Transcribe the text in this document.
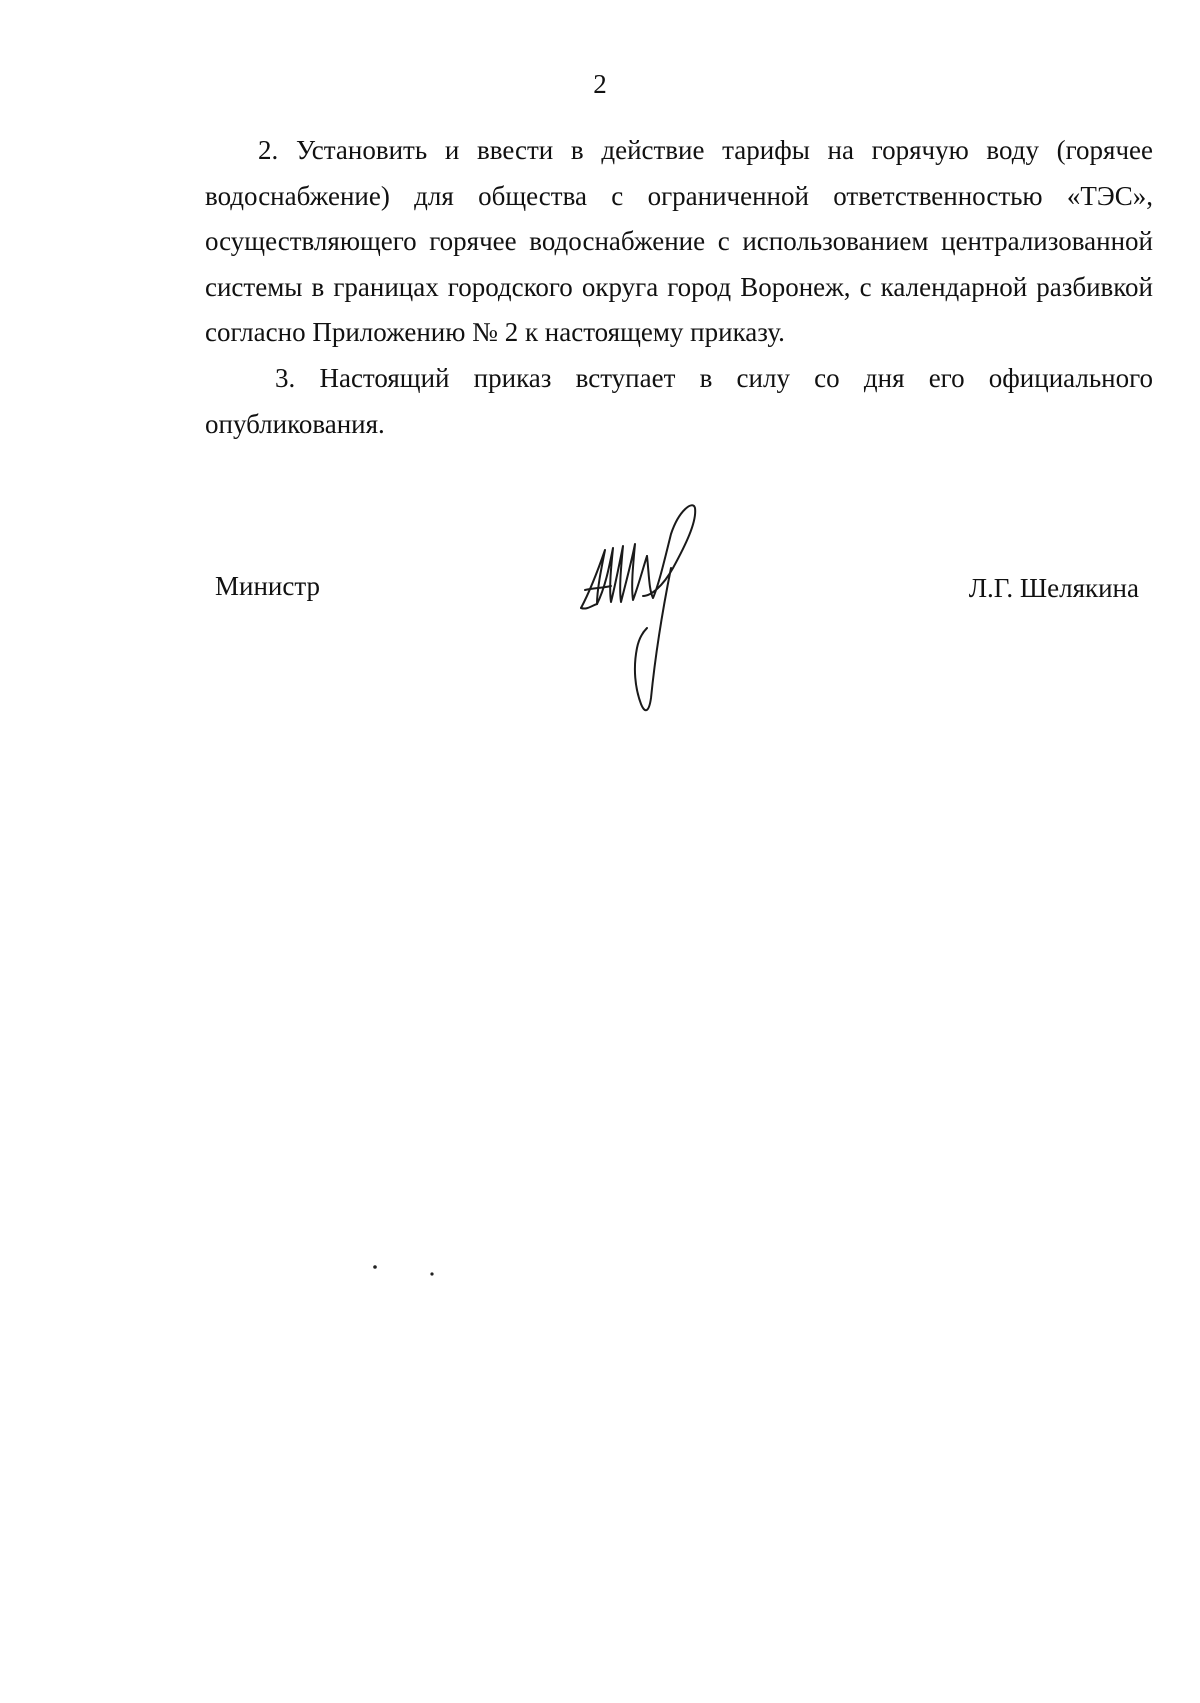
2

2. Установить и ввести в действие тарифы на горячую воду (горячее водоснабжение) для общества с ограниченной ответственностью «ТЭС», осуществляющего горячее водоснабжение с использованием централизованной системы в границах городского округа город Воронеж, с календарной разбивкой согласно Приложению № 2 к настоящему приказу.

3. Настоящий приказ вступает в силу со дня его официального опубликования.

Министр	Л.Г. Шелякина
